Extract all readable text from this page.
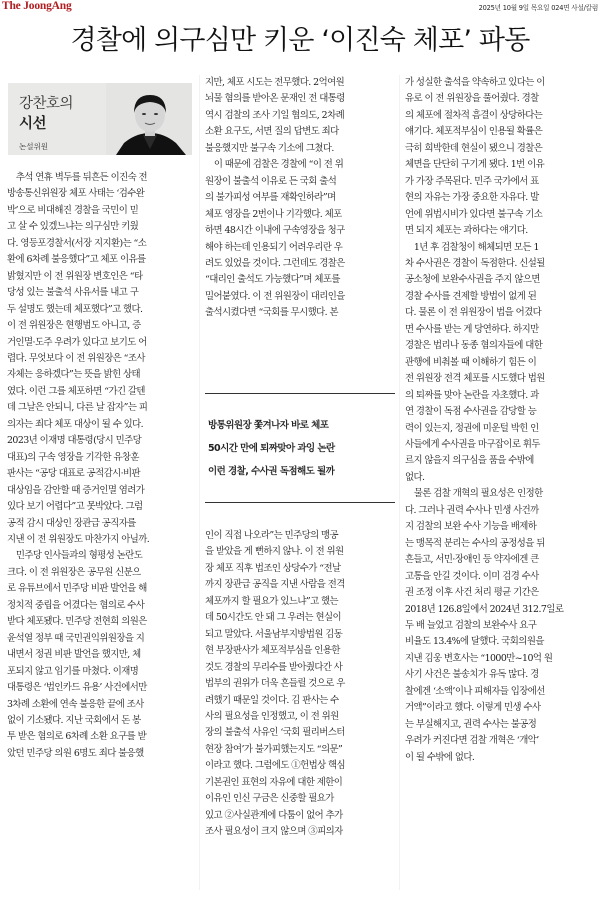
The JoongAng	2025년 10월 9일 목요일 024면 사설/칼럼
경찰에 의구심만 키운 ‘이진숙 체포’ 파동
강찬호의
시선
논설위원

 추석 연휴 벽두를 뒤흔든 이진숙 전

방송통신위원장 체포 사태는 ‘검수완

박’으로 비대해진 경찰을 국민이 믿

고 살 수 있겠느냐는 의구심만 키웠

다. 영등포경찰서(서장 지지환)는 “소

환에 6차례 불응했다”고 체포 이유를

밝혔지만 이 전 위원장 변호인은 “타

당성 있는 불출석 사유서를 내고 구

두 설명도 했는데 체포했다”고 했다.

이 전 위원장은 현행범도 아니고, 증

거인멸·도주 우려가 있다고 보기도 어

렵다. 무엇보다 이 전 위원장은 “조사

자체는 응하겠다”는 뜻을 밝힌 상태

였다. 이런 그를 체포하면 “가긴 갈텐

데 그날은 안되니, 다른 날 잡자”는 피

의자는 죄다 체포 대상이 될 수 있다.

2023년 이재명 대통령(당시 민주당

대표)의 구속 영장을 기각한 유창훈

판사는 “공당 대표로 공적감시·비판

대상임을 감안할 때 증거인멸 염려가

있다 보기 어렵다”고 못박았다. 그럼

공적 감시 대상인 장관급 공직자를

지낸 이 전 위원장도 마찬가지 아닐까.

 민주당 인사들과의 형평성 논란도

크다. 이 전 위원장은 공무원 신분으

로 유튜브에서 민주당 비판 발언을 해

정치적 중립을 어겼다는 혐의로 수사

받다 체포됐다. 민주당 전현희 의원은

윤석열 정부 때 국민권익위원장을 지

내면서 정권 비판 발언을 했지만, 체

포되지 않고 임기를 마쳤다. 이재명

대통령은 ‘법인카드 유용’ 사건에서만

3차례 소환에 연속 불응한 끝에 조사

없이 기소됐다. 지난 국회에서 돈 봉

투 받은 혐의로 6차례 소환 요구를 받

았던 민주당 의원 6명도 죄다 불응했

지만, 체포 시도는 전무했다. 2억여원

뇌물 혐의를 받아온 문재인 전 대통령

역시 검찰의 조사 기일 협의도, 2차례

소환 요구도, 서면 질의 답변도 죄다

불응했지만 불구속 기소에 그쳤다.

 이 때문에 검찰은 경찰에 “이 전 위

원장이 불출석 이유로 든 국회 출석

의 불가피성 여부를 재확인하라”며

체포 영장을 2번이나 기각했다. 체포

하면 48시간 이내에 구속영장을 청구

해야 하는데 인용되기 어려우리란 우

려도 있었을 것이다. 그런데도 경찰은

“대리인 출석도 가능했다”며 체포를

밀어붙였다. 이 전 위원장이 대리인을

출석시켰다면 “국회를 무시했다. 본

방통위원장 쫓겨나자 바로 체포

50시간 만에 퇴짜맞아 과잉 논란

이런 경찰, 수사권 독점해도 될까

인이 직접 나오라”는 민주당의 맹공

을 받았을 게 뻔하지 않나. 이 전 위원

장 체포 직후 법조인 상당수가 “전날

까지 장관급 공직을 지낸 사람을 전격

체포까지 할 필요가 있느냐”고 했는

데 50시간도 안 돼 그 우려는 현실이

되고 말았다. 서울남부지방법원 김동

현 부장판사가 체포적부심을 인용한

것도 경찰의 무리수를 받아줬다간 사

법부의 권위가 더욱 흔들릴 것으로 우

려했기 때문일 것이다. 김 판사는 수

사의 필요성을 인정했고, 이 전 위원

장의 불출석 사유인 ‘국회 필리버스터

현장 참여’가 불가피했는지도 “의문”

이라고 했다. 그럼에도 ①헌법상 핵심

기본권인 표현의 자유에 대한 제한이

이유인 인신 구금은 신중할 필요가

있고 ②사실관계에 다툼이 없어 추가

조사 필요성이 크지 않으며 ③피의자

가 성실한 출석을 약속하고 있다는 이

유로 이 전 위원장을 풀어줬다. 경찰

의 체포에 절차적 흠결이 상당하다는

얘기다. 체포적부심이 인용될 확률은

극히 희박한데 현실이 됐으니 경찰은

체면을 단단히 구기게 됐다. 1번 이유

가 가장 주목된다. 민주 국가에서 표

현의 자유는 가장 중요한 자유다. 발

언에 위법시비가 있다면 불구속 기소

면 되지 체포는 과하다는 얘기다.

 1년 후 검찰청이 해체되면 모든 1

차 수사권은 경찰이 독점한다. 신설될

공소청에 보완수사권을 주지 않으면

경찰 수사를 견제할 방법이 없게 된

다. 물론 이 전 위원장이 법을 어겼다

면 수사를 받는 게 당연하다. 하지만

경찰은 법리나 동종 혐의자들에 대한

관행에 비춰볼 때 이해하기 힘든 이

전 위원장 전격 체포를 시도했다 법원

의 퇴짜를 맞아 논란을 자초했다. 과

연 경찰이 독점 수사권을 감당할 능

력이 있는지, 정권에 미운털 박힌 인

사들에게 수사권을 마구잡이로 휘두

르지 않을지 의구심을 품을 수밖에

없다.

 물론 검찰 개혁의 필요성은 인정한

다. 그러나 권력 수사나 민생 사건까

지 검찰의 보완 수사 기능을 배제하

는 맹목적 분리는 수사의 공정성을 뒤

흔들고, 서민·장애인 등 약자에겐 큰

고통을 안길 것이다. 이미 검경 수사

권 조정 이후 사건 처리 평균 기간은

2018년 126.8일에서 2024년 312.7일로

두 배 늘었고 검찰의 보완수사 요구

비율도 13.4%에 달했다. 국회의원을

지낸 김웅 변호사는 “1000만~10억 원

사기 사건은 불송치가 유독 많다. 경

찰에겐 ‘소액’이나 피해자들 입장에선

거액”이라고 했다. 이렇게 민생 수사

는 부실해지고, 권력 수사는 불공정

우려가 커진다면 검찰 개혁은 ‘개악’

이 될 수밖에 없다.
